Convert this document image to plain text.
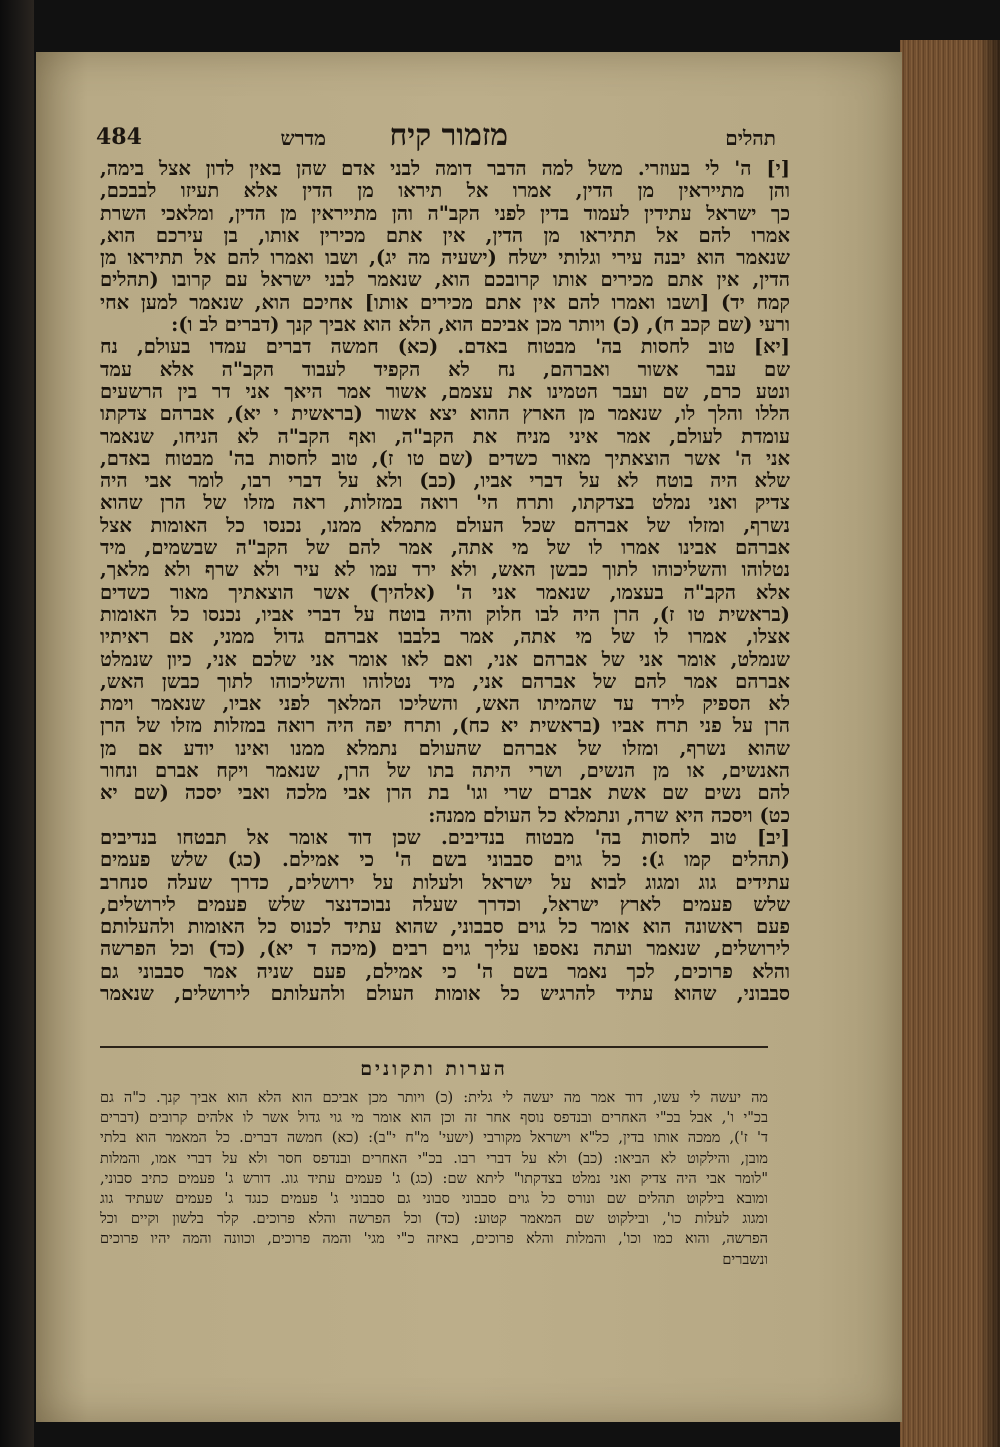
תהלים
מזמור קיח
מדרש
484
[י] ה' לי בעוזרי. משל למה הדבר דומה לבני אדם שהן באין לדון אצל בימה,
והן מתייראין מן הדין, אמרו אל תיראו מן הדין אלא תעיזו לבבכם,
כך ישראל עתידין לעמוד בדין לפני הקב"ה והן מתייראין מן הדין, ומלאכי השרת
אמרו להם אל תתיראו מן הדין, אין אתם מכירין אותו, בן עירכם הוא,
שנאמר הוא יבנה עירי וגלותי ישלח (ישעיה מה יג), ושבו ואמרו להם אל תתיראו מן
הדין, אין אתם מכירים אותו קרובכם הוא, שנאמר לבני ישראל עם קרובו (תהלים
קמח יד) [ושבו ואמרו להם אין אתם מכירים אותו] אחיכם הוא, שנאמר למען אחי
ורעי (שם קכב ח), (כ) ויותר מכן אביכם הוא, הלא הוא אביך קנך (דברים לב ו):
[יא] טוב לחסות בה' מבטוח באדם. (כא) חמשה דברים עמדו בעולם, נח
שם עבר אשור ואברהם, נח לא הקפיד לעבוד הקב"ה אלא עמד
ונטע כרם, שם ועבר הטמינו את עצמם, אשור אמר היאך אני דר בין הרשעים
הללו והלך לו, שנאמר מן הארץ ההוא יצא אשור (בראשית י יא), אברהם צדקתו
עומדת לעולם, אמר איני מניח את הקב"ה, ואף הקב"ה לא הניחו, שנאמר
אני ה' אשר הוצאתיך מאור כשדים (שם טו ז), טוב לחסות בה' מבטוח באדם,
שלא היה בוטח לא על דברי אביו, (כב) ולא על דברי רבו, לומר אבי היה
צדיק ואני נמלט בצדקתו, ותרח הי' רואה במזלות, ראה מזלו של הרן שהוא
נשרף, ומזלו של אברהם שכל העולם מתמלא ממנו, נכנסו כל האומות אצל
אברהם אבינו אמרו לו של מי אתה, אמר להם של הקב"ה שבשמים, מיד
נטלוהו והשליכוהו לתוך כבשן האש, ולא ירד עמו לא עיר ולא שרף ולא מלאך,
אלא הקב"ה בעצמו, שנאמר אני ה' (אלהיך) אשר הוצאתיך מאור כשדים
(בראשית טו ז), הרן היה לבו חלוק והיה בוטח על דברי אביו, נכנסו כל האומות
אצלו, אמרו לו של מי אתה, אמר בלבבו אברהם גדול ממני, אם ראיתיו
שנמלט, אומר אני של אברהם אני, ואם לאו אומר אני שלכם אני, כיון שנמלט
אברהם אמר להם של אברהם אני, מיד נטלוהו והשליכוהו לתוך כבשן האש,
לא הספיק לירד עד שהמיתו האש, והשליכו המלאך לפני אביו, שנאמר וימת
הרן על פני תרח אביו (בראשית יא כח), ותרח יפה היה רואה במזלות מזלו של הרן
שהוא נשרף, ומזלו של אברהם שהעולם נתמלא ממנו ואינו יודע אם מן
האנשים, או מן הנשים, ושרי היתה בתו של הרן, שנאמר ויקח אברם ונחור
להם נשים שם אשת אברם שרי וגו' בת הרן אבי מלכה ואבי יסכה (שם יא
כט) ויסכה היא שרה, ונתמלא כל העולם ממנה:
[יב] טוב לחסות בה' מבטוח בנדיבים. שכן דוד אומר אל תבטחו בנדיבים
(תהלים קמו ג): כל גוים סבבוני בשם ה' כי אמילם. (כג) שלש פעמים
עתידים גוג ומגוג לבוא על ישראל ולעלות על ירושלים, כדרך שעלה סנחרב
שלש פעמים לארץ ישראל, וכדרך שעלה נבוכדנצר שלש פעמים לירושלים,
פעם ראשונה הוא אומר כל גוים סבבוני, שהוא עתיד לכנוס כל האומות ולהעלותם
לירושלים, שנאמר ועתה נאספו עליך גוים רבים (מיכה ד יא), (כד) וכל הפרשה
והלא פרוכים, לכך נאמר בשם ה' כי אמילם, פעם שניה אמר סבבוני גם
סבבוני, שהוא עתיד להרגיש כל אומות העולם ולהעלותם לירושלים, שנאמר
הערות ותקונים
מה יעשה לי עשו, דוד אמר מה יעשה לי גלית: (כ) ויותר מכן אביכם הוא הלא הוא אביך קנך. כ"ה גם
בכ"י ו', אבל בכ"י האחרים ובנדפס נוסף אחר זה וכן הוא אומר מי גוי גדול אשר לו אלהים קרובים (דברים
ד' ז'), ממכה אותו בדין, כל"א וישראל מקורבי (ישעי' מ"ח י"ב): (כא) חמשה דברים. כל המאמר הוא בלתי
מובן, והילקוט לא הביאו: (כב) ולא על דברי רבו. בכ"י האחרים ובנדפס חסר ולא על דברי אמו, והמלות
"לומר אבי היה צדיק ואני נמלט בצדקתו" ליתא שם: (כג) ג' פעמים עתיד גוג. דורש ג' פעמים כתיב סבוני,
ומובא בילקוט תהלים שם ונורס כל גוים סבבוני סבוני גם סבבוני ג' פעמים כנגד ג' פעמים שעתיד גוג
ומגוג לעלות כו', ובילקוט שם המאמר קטוע: (כד) וכל הפרשה והלא פרוכים. קלר בלשון וקיים וכל
הפרשה, והוא כמו וכו', והמלות והלא פרוכים, באיזה כ"י מגי' והמה פרוכים, וכוונה והמה יהיו פרוכים
ונשברים
